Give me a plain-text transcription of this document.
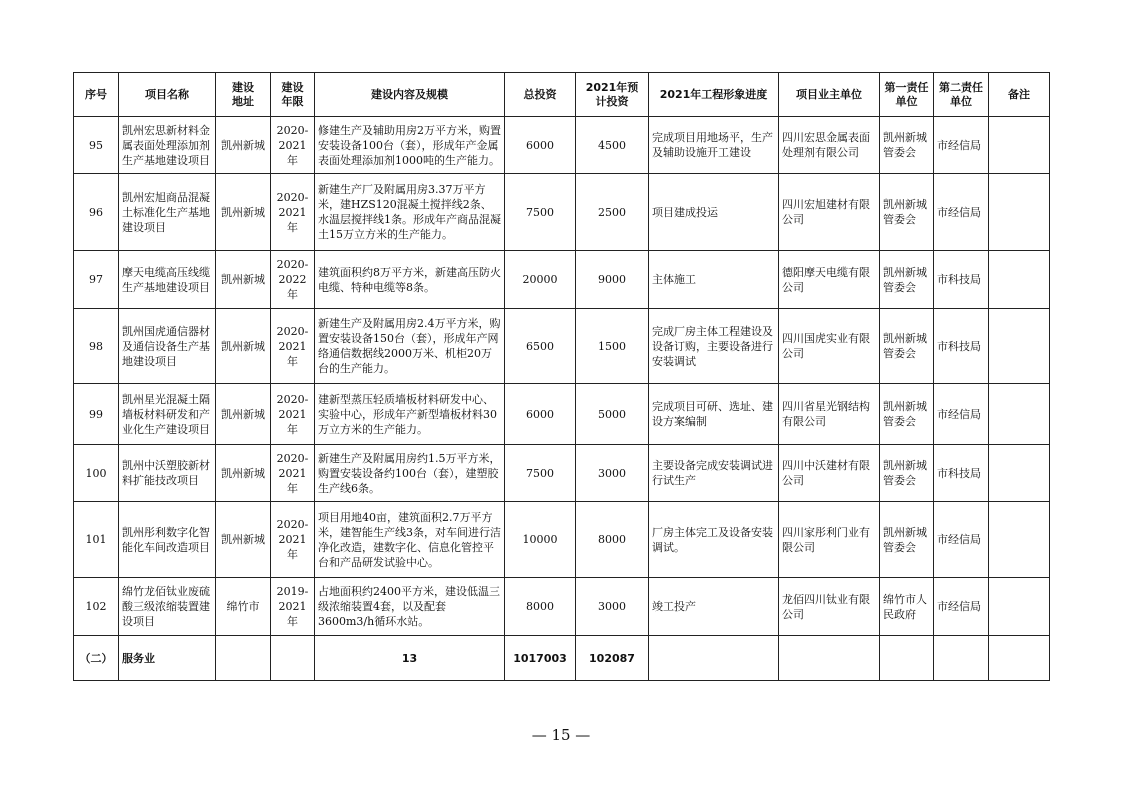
序号	项目名称	建设地址	建设年限	建设内容及规模	总投资	2021年预计投资	2021年工程形象进度	项目业主单位	第一责任单位	第二责任单位	备注
95	凯州宏思新材料金属表面处理添加剂生产基地建设项目	凯州新城	2020-2021年	修建生产及辅助用房2万平方米，购置安装设备100台（套），形成年产金属表面处理添加剂1000吨的生产能力。	6000	4500	完成项目用地场平，生产及辅助设施开工建设	四川宏思金属表面处理剂有限公司	凯州新城管委会	市经信局	
96	凯州宏旭商品混凝土标准化生产基地建设项目	凯州新城	2020-2021年	新建生产厂及附属用房3.37万平方米，建HZS120混凝土搅拌线2条、水温层搅拌线1条。形成年产商品混凝土15万立方米的生产能力。	7500	2500	项目建成投运	四川宏旭建材有限公司	凯州新城管委会	市经信局	
97	摩天电缆高压线缆生产基地建设项目	凯州新城	2020-2022年	建筑面积约8万平方米，新建高压防火电缆、特种电缆等8条。	20000	9000	主体施工	德阳摩天电缆有限公司	凯州新城管委会	市科技局	
98	凯州国虎通信器材及通信设备生产基地建设项目	凯州新城	2020-2021年	新建生产及附属用房2.4万平方米，购置安装设备150台（套），形成年产网络通信数据线2000万米、机柜20万台的生产能力。	6500	1500	完成厂房主体工程建设及设备订购，主要设备进行安装调试	四川国虎实业有限公司	凯州新城管委会	市科技局	
99	凯州星光混凝土隔墙板材料研发和产业化生产建设项目	凯州新城	2020-2021年	建新型蒸压轻质墙板材料研发中心、实验中心，形成年产新型墙板材料30万立方米的生产能力。	6000	5000	完成项目可研、选址、建设方案编制	四川省星光钢结构有限公司	凯州新城管委会	市经信局	
100	凯州中沃塑胶新材料扩能技改项目	凯州新城	2020-2021年	新建生产及附属用房约1.5万平方米，购置安装设备约100台（套），建塑胶生产线6条。	7500	3000	主要设备完成安装调试进行试生产	四川中沃建材有限公司	凯州新城管委会	市科技局	
101	凯州彤利数字化智能化车间改造项目	凯州新城	2020-2021年	项目用地40亩，建筑面积2.7万平方米，建智能生产线3条，对车间进行洁净化改造，建数字化、信息化管控平台和产品研发试验中心。	10000	8000	厂房主体完工及设备安装调试。	四川家彤利门业有限公司	凯州新城管委会	市经信局	
102	绵竹龙佰钛业废硫酸三级浓缩装置建设项目	绵竹市	2019-2021年	占地面积约2400平方米，建设低温三级浓缩装置4套，以及配套3600m3/h循环水站。	8000	3000	竣工投产	龙佰四川钛业有限公司	绵竹市人民政府	市经信局	
（二）	服务业			13	1017003	102087					
— 15 —
